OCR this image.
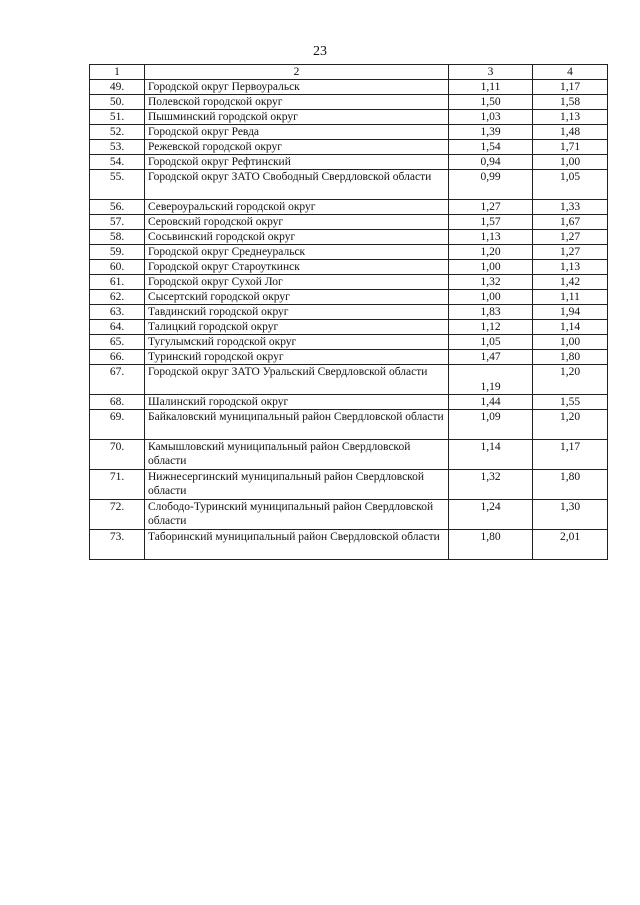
23
1	2	3	4
49.	Городской округ Первоуральск	1,11	1,17
50.	Полевской городской округ	1,50	1,58
51.	Пышминский городской округ	1,03	1,13
52.	Городской округ Ревда	1,39	1,48
53.	Режевской городской округ	1,54	1,71
54.	Городской округ Рефтинский	0,94	1,00
55.	Городской округ ЗАТО Свободный Свердловской области	0,99	1,05
56.	Североуральский городской округ	1,27	1,33
57.	Серовский городской округ	1,57	1,67
58.	Сосьвинский городской округ	1,13	1,27
59.	Городской округ Среднеуральск	1,20	1,27
60.	Городской округ Староуткинск	1,00	1,13
61.	Городской округ Сухой Лог	1,32	1,42
62.	Сысертский городской округ	1,00	1,11
63.	Тавдинский городской округ	1,83	1,94
64.	Талицкий городской округ	1,12	1,14
65.	Тугулымский городской округ	1,05	1,00
66.	Туринский городской округ	1,47	1,80
67.	Городской округ ЗАТО Уральский Свердловской области	1,19	1,20
68.	Шалинский городской округ	1,44	1,55
69.	Байкаловский муниципальный район Свердловской области	1,09	1,20
70.	Камышловский муниципальный район Свердловской области	1,14	1,17
71.	Нижнесергинский муниципальный район Свердловской области	1,32	1,80
72.	Слободо-Туринский муниципальный район Свердловской области	1,24	1,30
73.	Таборинский муниципальный район Свердловской области	1,80	2,01
